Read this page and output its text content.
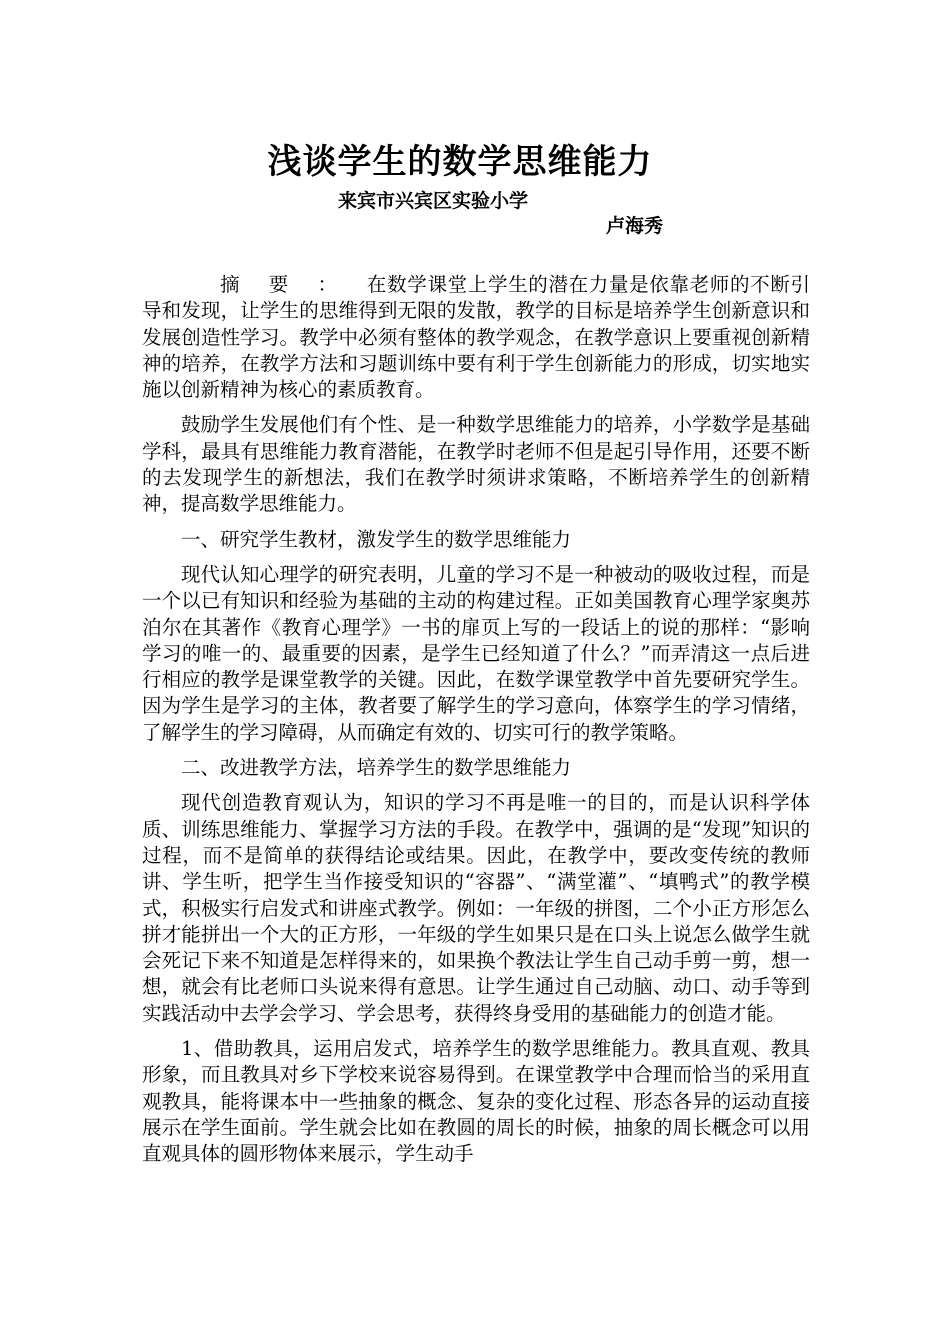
浅谈学生的数学思维能力
来宾市兴宾区实验小学
卢海秀

摘要：在数学课堂上学生的潜在力量是依靠老师的不断引导和发现，让学生的思维得到无限的发散，教学的目标是培养学生创新意识和发展创造性学习。教学中必须有整体的教学观念，在教学意识上要重视创新精神的培养，在教学方法和习题训练中要有利于学生创新能力的形成，切实地实施以创新精神为核心的素质教育。

鼓励学生发展他们有个性、是一种数学思维能力的培养，小学数学是基础学科，最具有思维能力教育潜能，在教学时老师不但是起引导作用，还要不断的去发现学生的新想法，我们在教学时须讲求策略，不断培养学生的创新精神，提高数学思维能力。

一、研究学生教材，激发学生的数学思维能力

现代认知心理学的研究表明，儿童的学习不是一种被动的吸收过程，而是一个以已有知识和经验为基础的主动的构建过程。正如美国教育心理学家奥苏泊尔在其著作《教育心理学》一书的扉页上写的一段话上的说的那样：“影响学习的唯一的、最重要的因素，是学生已经知道了什么？”而弄清这一点后进行相应的教学是课堂教学的关键。因此，在数学课堂教学中首先要研究学生。因为学生是学习的主体，教者要了解学生的学习意向，体察学生的学习情绪，了解学生的学习障碍，从而确定有效的、切实可行的教学策略。

二、改进教学方法，培养学生的数学思维能力

现代创造教育观认为，知识的学习不再是唯一的目的，而是认识科学体质、训练思维能力、掌握学习方法的手段。在教学中，强调的是“发现”知识的过程，而不是简单的获得结论或结果。因此，在教学中，要改变传统的教师讲、学生听，把学生当作接受知识的“容器”、“满堂灌”、“填鸭式”的教学模式，积极实行启发式和讲座式教学。例如：一年级的拼图，二个小正方形怎么拼才能拼出一个大的正方形，一年级的学生如果只是在口头上说怎么做学生就会死记下来不知道是怎样得来的，如果换个教法让学生自己动手剪一剪，想一想，就会有比老师口头说来得有意思。让学生通过自己动脑、动口、动手等到实践活动中去学会学习、学会思考，获得终身受用的基础能力的创造才能。

1、借助教具，运用启发式，培养学生的数学思维能力。教具直观、教具形象，而且教具对乡下学校来说容易得到。在课堂教学中合理而恰当的采用直观教具，能将课本中一些抽象的概念、复杂的变化过程、形态各异的运动直接展示在学生面前。学生就会比如在教圆的周长的时候，抽象的周长概念可以用直观具体的圆形物体来展示，学生动手
